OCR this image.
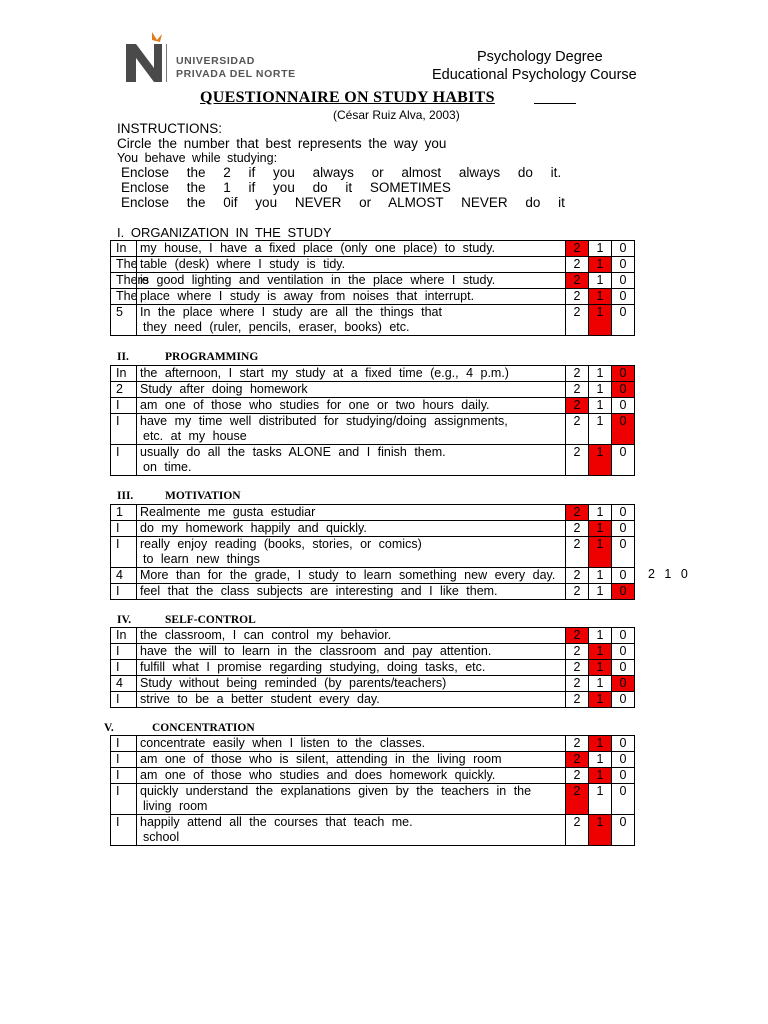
UNIVERSIDAD
PRIVADA DEL NORTE
Psychology Degree
Educational Psychology Course
QUESTIONNAIRE ON STUDY HABITS
(César Ruiz Alva, 2003)
INSTRUCTIONS:
Circle the number that best represents the way you
You behave while studying:
Enclose the 2 if you always or almost always do it.
Enclose the 1 if you do it SOMETIMES
Enclose the 0if you NEVER or ALMOST NEVER do it
I. ORGANIZATION IN THE STUDY
In	my house, I have a fixed place (only one place) to study.	2	1	0
The	table (desk) where I study is tidy.	2	1	0
There	is good lighting and ventilation in the place where I study.	2	1	0
The	place where I study is away from noises that interrupt.	2	1	0
5	In the place where I study are all the things that
they need (ruler, pencils, eraser, books) etc.	2	1	0
II.	PROGRAMMING
In	the afternoon, I start my study at a fixed time (e.g., 4 p.m.)	2	1	0
2	Study after doing homework	2	1	0
I	am one of those who studies for one or two hours daily.	2	1	0
I	have my time well distributed for studying/doing assignments,
etc. at my house	2	1	0
I	usually do all the tasks ALONE and I finish them.
on time.	2	1	0
III.	MOTIVATION
1	Realmente me gusta estudiar	2	1	0
I	do my homework happily and quickly.	2	1	0
I	really enjoy reading (books, stories, or comics)
to learn new things	2	1	0
4	More than for the grade, I study to learn something new every day.	2	1	0
I	feel that the class subjects are interesting and I like them.	2	1	0
2 1 0
IV.	SELF-CONTROL
In	the classroom, I can control my behavior.	2	1	0
I	have the will to learn in the classroom and pay attention.	2	1	0
I	fulfill what I promise regarding studying, doing tasks, etc.	2	1	0
4	Study without being reminded (by parents/teachers)	2	1	0
I	strive to be a better student every day.	2	1	0
V.	CONCENTRATION
I	concentrate easily when I listen to the classes.	2	1	0
I	am one of those who is silent, attending in the living room	2	1	0
I	am one of those who studies and does homework quickly.	2	1	0
I	quickly understand the explanations given by the teachers in the
living room	2	1	0
I	happily attend all the courses that teach me.
school	2	1	0
